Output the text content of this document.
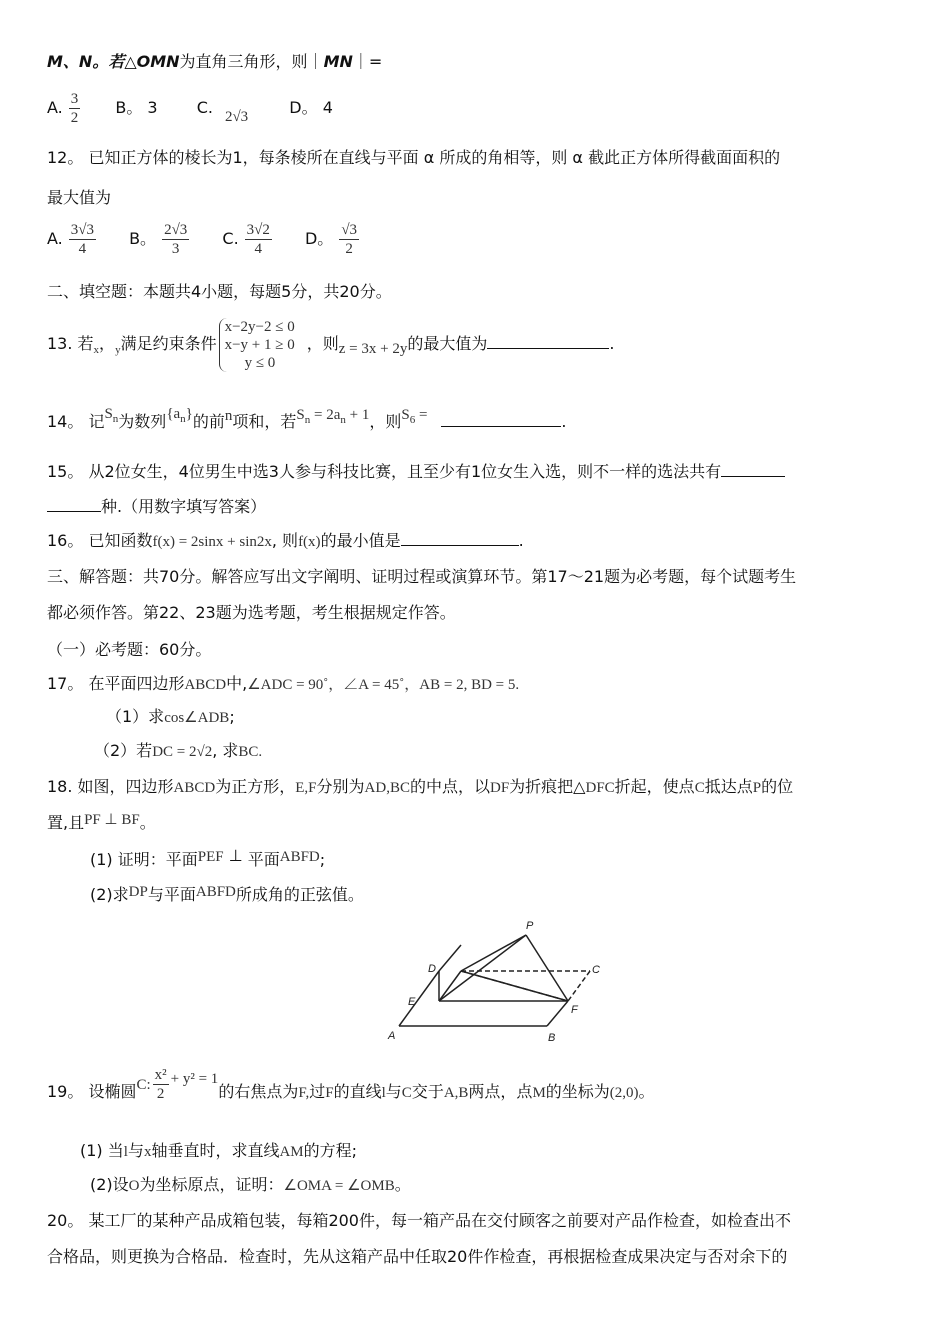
M、N。若△OMN为直角三角形，则｜MN｜=
A. $\frac{3}{2}$ B。 3 C. 2√3	D。 4
12。 已知正方体的棱长为1，每条棱所在直线与平面 α 所成的角相等，则 α 截此正方体所得截面面积的
最大值为
A. $\frac{3√3}{4}$ B。 $\frac{2√3}{3} C$. $\frac{3√2}{4}$ D。 $\frac{√3}{2}$
二、填空题：本题共4小题，每题5分，共20分。
13. 若$_x$，$_y$满足约束条件
x−2y−2 ≤ 0
x−y + 1 ≥ 0
y ≤ 0
，则z = 3x + 2y的最大值为	.
14。 记$S_n$为数列$\{a_n\}$的前n项和，若$S_n = 2a_n + 1$，则$S_6$ =	.
15。 从2位女生，4位男生中选3人参与科技比赛，且至少有1位女生入选，则不一样的选法共有
种.（用数字填写答案）
16。 已知函数f(x) = 2sinx + sin2x, 则f(x)的最小值是	.
三、解答题：共70分。解答应写出文字阐明、证明过程或演算环节。第17～21题为必考题，每个试题考生
都必须作答。第22、23题为选考题，考生根据规定作答。
（一）必考题：60分。
17。 在平面四边形ABCD中,∠ADC = 90˚，∠A = 45˚，AB = 2, BD = 5.
（1）求cos∠ADB;
（2）若DC = 2√2, 求BC.
18. 如图，四边形ABCD为正方形，E,F分别为AD,BC的中点，以DF为折痕把△DFC折起，使点C抵达点P的位
置,且PF ⊥ BF。
(1) 证明：平面PEF ⊥ 平面ABFD;
(2)求DP与平面ABFD所成角的正弦值。
P
D	C
E
F
A	B
19。 设椭圆C: $\frac{\text{x²}}{2} + y^2 = 1$的右焦点为F,过F的直线l与C交于A,B两点，点M的坐标为(2,0)。
(1) 当l与x轴垂直时，求直线AM的方程;
(2)设O为坐标原点，证明：∠OMA = ∠OMB。
20。 某工厂的某种产品成箱包装，每箱200件，每一箱产品在交付顾客之前要对产品作检查，如检查出不
合格品，则更换为合格品．检查时，先从这箱产品中任取20件作检查，再根据检查成果决定与否对余下的
